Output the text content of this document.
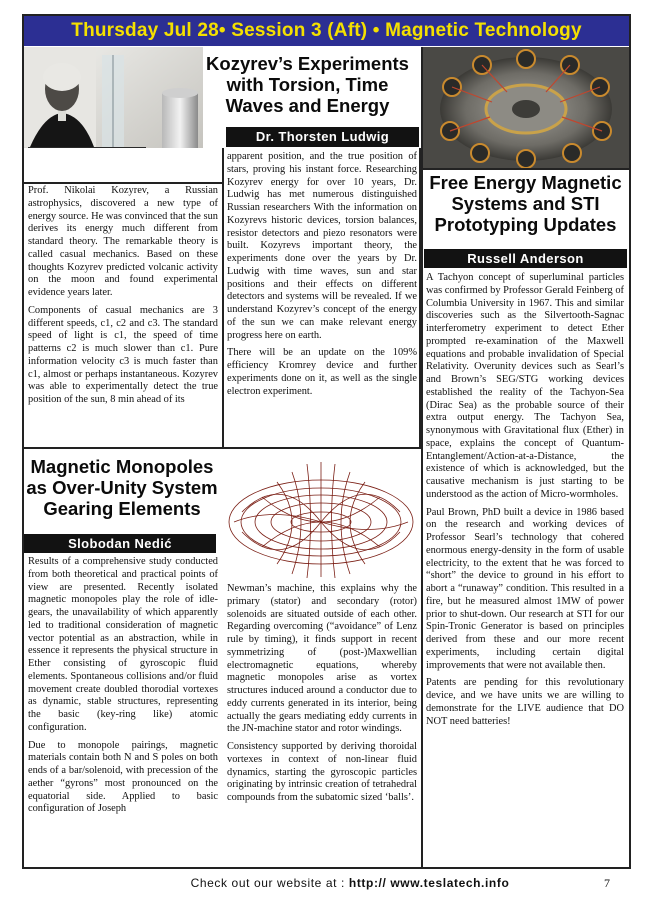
Thursday Jul 28• Session 3 (Aft) • Magnetic Technology
Kozyrev’s Experiments with Torsion, Time Waves and Energy
Dr. Thorsten Ludwig

Prof. Nikolai Kozyrev, a Russian astrophysics, discovered a new type of energy source. He was convinced that the sun derives its energy much different from standard theory. The remarkable theory is called casual mechanics. Based on these thoughts Kozyrev predicted volcanic activity on the moon and found experimental evidence years later.

Components of casual mechanics are 3 different speeds, c1, c2 and c3. The standard speed of light is c1, the speed of time patterns c2 is much slower than c1. Pure information velocity c3 is much faster than c1, almost or perhaps instantaneous. Kozyrev was able to experimentally detect the true position of the sun, 8 min ahead of its

apparent position, and the true position of stars, proving his instant force. Researching Kozyrev energy for over 10 years, Dr. Ludwig has met numerous distinguished Russian researchers With the information on Kozyrevs historic devices, torsion balances, resistor detectors and piezo resonators were built. Kozyrevs important theory, the experiments done over the years by Dr. Ludwig with time waves, sun and star positions and their effects on different detectors and systems will be revealed. If we understand Kozyrev’s concept of the energy of the sun we can make relevant energy progress here on earth.

There will be an update on the 109% efficiency Kromrey device and further experiments done on it, as well as the single electron experiment.

Free Energy Magnetic Systems and STI Prototyping Updates
Russell Anderson

A Tachyon concept of superluminal particles was confirmed by Professor Gerald Feinberg of Columbia University in 1967. This and similar discoveries such as the Silvertooth-Sagnac interferometry experiment to detect Ether prompted re-examination of the Maxwell equations and probable invalidation of Special Relativity. Overunity devices such as Searl’s and Brown’s SEG/STG working devices established the reality of the Tachyon-Sea (Dirac Sea) as the probable source of their extra output energy. The Tachyon Sea, synonymous with Gravitational flux (Ether) in space, explains the concept of Quantum-Entanglement/Action-at-a-Distance, the existence of which is acknowledged, but the causative mechanism is just starting to be understood as the action of Micro-wormholes.

Paul Brown, PhD built a device in 1986 based on the research and working devices of Professor Searl’s technology that cohered enormous energy-density in the form of usable electricity, to the extent that he was forced to “short” the device to ground in his effort to abort a “runaway” condition. This resulted in a fire, but he measured almost 1MW of power prior to shut-down. Our research at STI for our Spin-Tronic Generator is based on principles derived from these and our more recent experiments, including certain digital improvements that were not available then.

Patents are pending for this revolutionary device, and we have units we are willing to demonstrate for the LIVE audience that DO NOT need batteries!

Magnetic Monopoles as Over-Unity System Gearing Elements
Slobodan Nedić

Results of a comprehensive study conducted from both theoretical and practical points of view are presented. Recently isolated magnetic monopoles play the role of idle-gears, the unavailability of which apparently led to traditional consideration of magnetic vector potential as an abstraction, while in essence it represents the physical structure in Ether consisting of gyroscopic fluid elements. Spontaneous collisions and/or fluid movement create doubled thorodial vortexes as dynamic, stable structures, representing the basic (key-ring like) atomic configuration.

Due to monopole pairings, magnetic materials contain both N and S poles on both ends of a bar/solenoid, with precession of the aether “gyrons” most pronounced on the equatorial side. Applied to basic configuration of Joseph

Newman’s machine, this explains why the primary (stator) and secondary (rotor) solenoids are situated outside of each other. Regarding overcoming (“avoidance” of Lenz rule by timing), it finds support in recent symmetrizing of (post-)Maxwellian electromagnetic equations, whereby magnetic monopoles arise as vortex structures induced around a conductor due to eddy currents generated in its interior, being actually the gears mediating eddy currents in the JN-machine stator and rotor windings.

Consistency supported by deriving thoroidal vortexes in context of non-linear fluid dynamics, starting the gyroscopic particles originating by intrinsic creation of tetrahedral compounds from the subatomic sized ‘balls’.

Check out our website at : http:// www.teslatech.info	7
